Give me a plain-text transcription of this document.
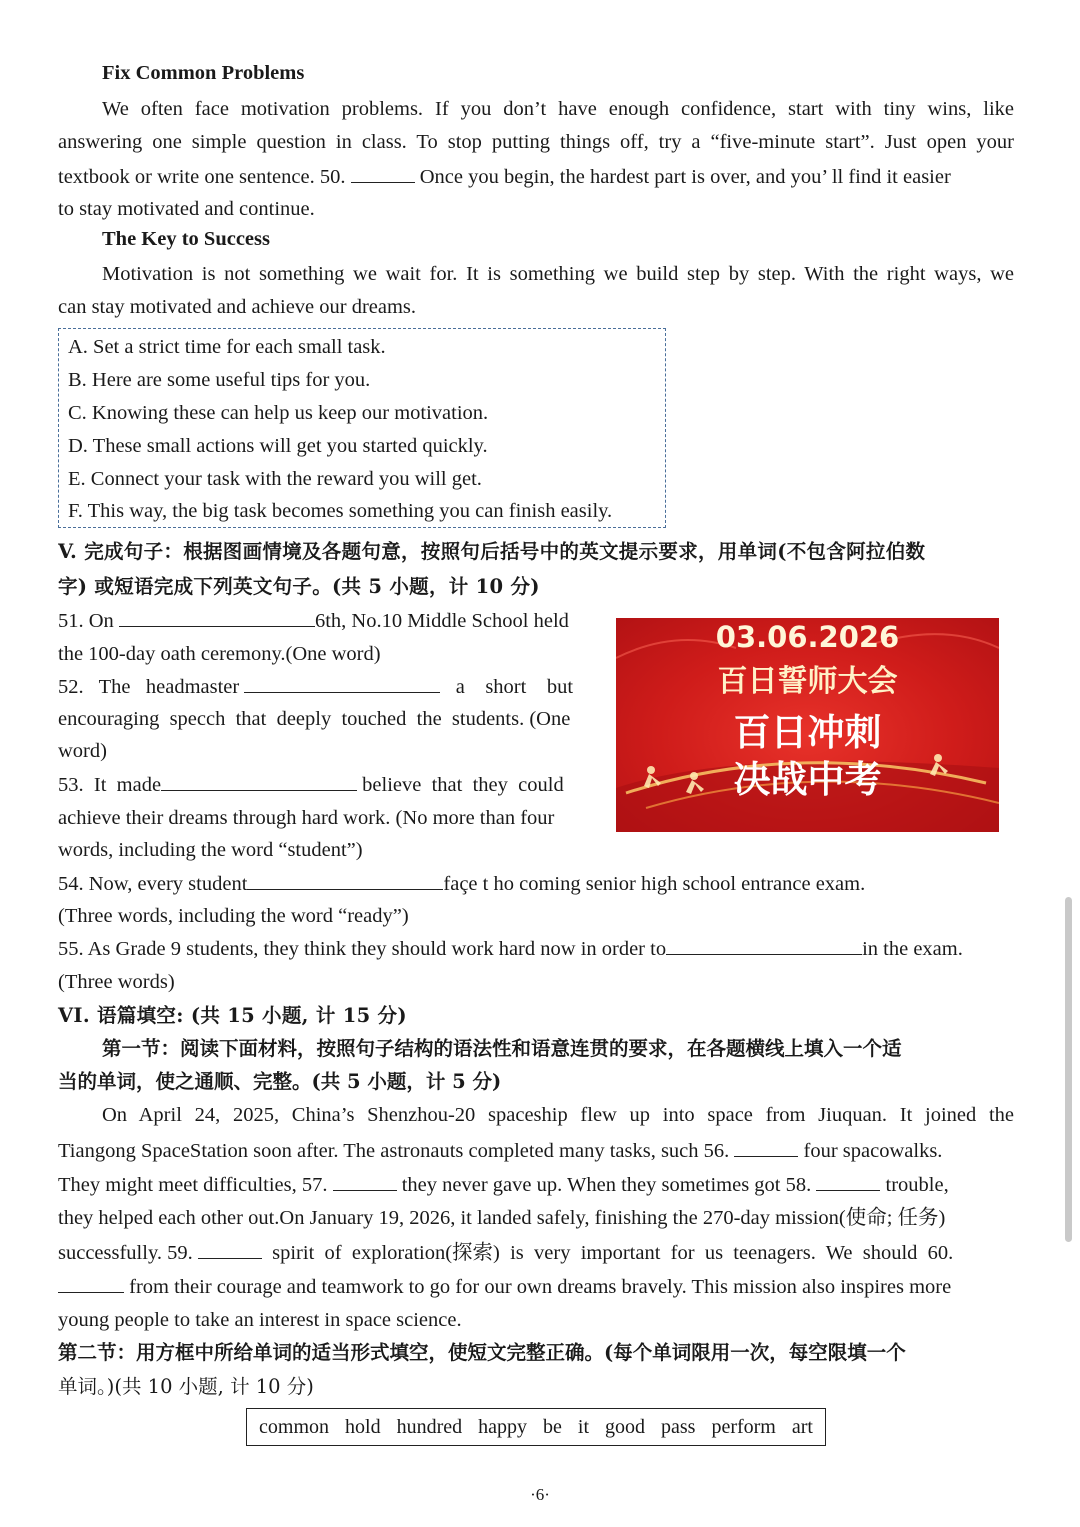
Fix Common Problems
We often face motivation problems. If you don’t have enough confidence, start with tiny wins, like
answering one simple question in class. To stop putting things off, try a “five-minute start”. Just open your
textbook or write one sentence. 50.	Once you begin, the hardest part is over, and you’ ll find it easier
to stay motivated and continue.
The Key to Success
Motivation is not something we wait for. It is something we build step by step. With the right ways, we
can stay motivated and achieve our dreams.
A. Set a strict time for each small task.
B. Here are some useful tips for you.
C. Knowing these can help us keep our motivation.
D. These small actions will get you started quickly.
E. Connect your task with the reward you will get.
F. This way, the big task becomes something you can finish easily.
V. 完成句子：根据图画情境及各题句意，按照句后括号中的英文提示要求，用单词(不包含阿拉伯数
字) 或短语完成下列英文句子。(共 5 小题，计 10 分)
51. On	6th, No.10 Middle School held
the 100-day oath ceremony.(One word)
52.   The   headmaster	a    short    but
encouraging  specch  that  deeply  touched  the  students. (One
word)
53.  It  made	believe  that  they  could
achieve their dreams through hard work. (No more than four
words, including the word “student”)
54. Now, every student	façe t ho coming senior high school entrance exam.
(Three words, including the word “ready”)
55. As Grade 9 students, they think they should work hard now in order to	in the exam.
(Three words)
03.06.2026
百日誓师大会
百日冲刺
决战中考
VI. 语篇填空: (共 15 小题, 计 15 分)
第一节：阅读下面材料，按照句子结构的语法性和语意连贯的要求，在各题横线上填入一个适
当的单词，使之通顺、完整。(共 5 小题，计 5 分)
On April 24, 2025, China’s Shenzhou-20 spaceship flew up into space from Jiuquan. It joined the
Tiangong SpaceStation soon after. The astronauts completed many tasks, such 56.	four spacowalks.
They might meet difficulties, 57.	they never gave up. When they sometimes got 58.	trouble,
they helped each other out.On January 19, 2026, it landed safely, finishing the 270-day mission(使命; 任务)
successfully. 59.	spirit  of  exploration(探索)  is  very  important  for  us  teenagers.  We  should  60.
from their courage and teamwork to go for our own dreams bravely. This mission also inspires more
young people to take an interest in space science.
第二节：用方框中所给单词的适当形式填空，使短文完整正确。(每个单词限用一次，每空限填一个
单词。)(共 10 小题, 计 10 分)
common  hold  hundred  happy  be  it  good  pass  perform  art
·6·
